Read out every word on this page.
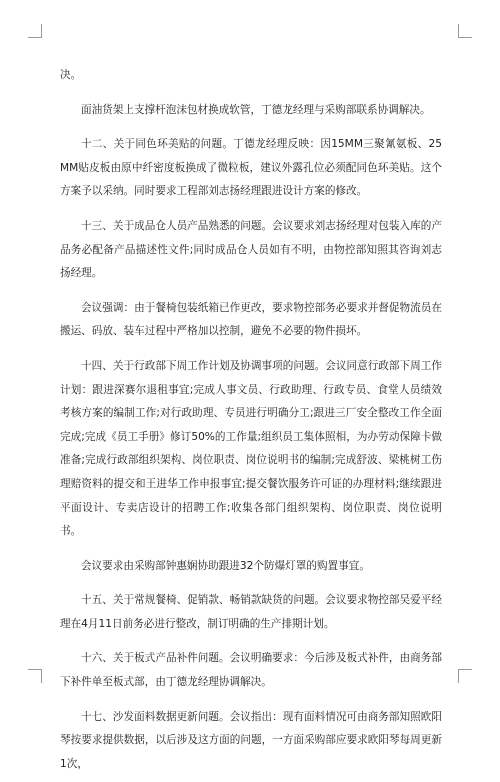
决。

面油货架上支撑杆泡沫包材换成软管，丁德龙经理与采购部联系协调解决。

十二、关于同色环美贴的问题。丁德龙经理反映：因15MM三聚氰氨板、25MM贴皮板由原中纤密度板换成了微粒板，建议外露孔位必须配同色环美贴。这个方案予以采纳。同时要求工程部刘志扬经理跟进设计方案的修改。

十三、关于成品仓人员产品熟悉的问题。会议要求刘志扬经理对包装入库的产品务必配备产品描述性文件;同时成品仓人员如有不明，由物控部知照其咨询刘志扬经理。

会议强调：由于餐椅包装纸箱已作更改，要求物控部务必要求并督促物流员在搬运、码放、装车过程中严格加以控制，避免不必要的物件损坏。

十四、关于行政部下周工作计划及协调事项的问题。会议同意行政部下周工作计划：跟进深赛尔退租事宜;完成人事文员、行政助理、行政专员、食堂人员绩效考核方案的编制工作;对行政助理、专员进行明确分工;跟进三厂安全整改工作全面完成;完成《员工手册》修订50%的工作量;组织员工集体照相，为办劳动保障卡做准备;完成行政部组织架构、岗位职责、岗位说明书的编制;完成舒波、梁桃树工伤理赔资料的提交和王进华工作申报事宜;提交餐饮服务许可证的办理材料;继续跟进平面设计、专卖店设计的招聘工作;收集各部门组织架构、岗位职责、岗位说明书。

会议要求由采购部钟惠娴协助跟进32个防爆灯罩的购置事宜。

十五、关于常规餐椅、促销款、畅销款缺货的问题。会议要求物控部吴爱平经理在4月11日前务必进行整改，制订明确的生产排期计划。

十六、关于板式产品补件问题。会议明确要求：今后涉及板式补件，由商务部下补件单至板式部，由丁德龙经理协调解决。

十七、沙发面料数据更新问题。会议指出：现有面料情况可由商务部知照欧阳琴按要求提供数据，以后涉及这方面的问题，一方面采购部应要求欧阳琴每周更新1次，
